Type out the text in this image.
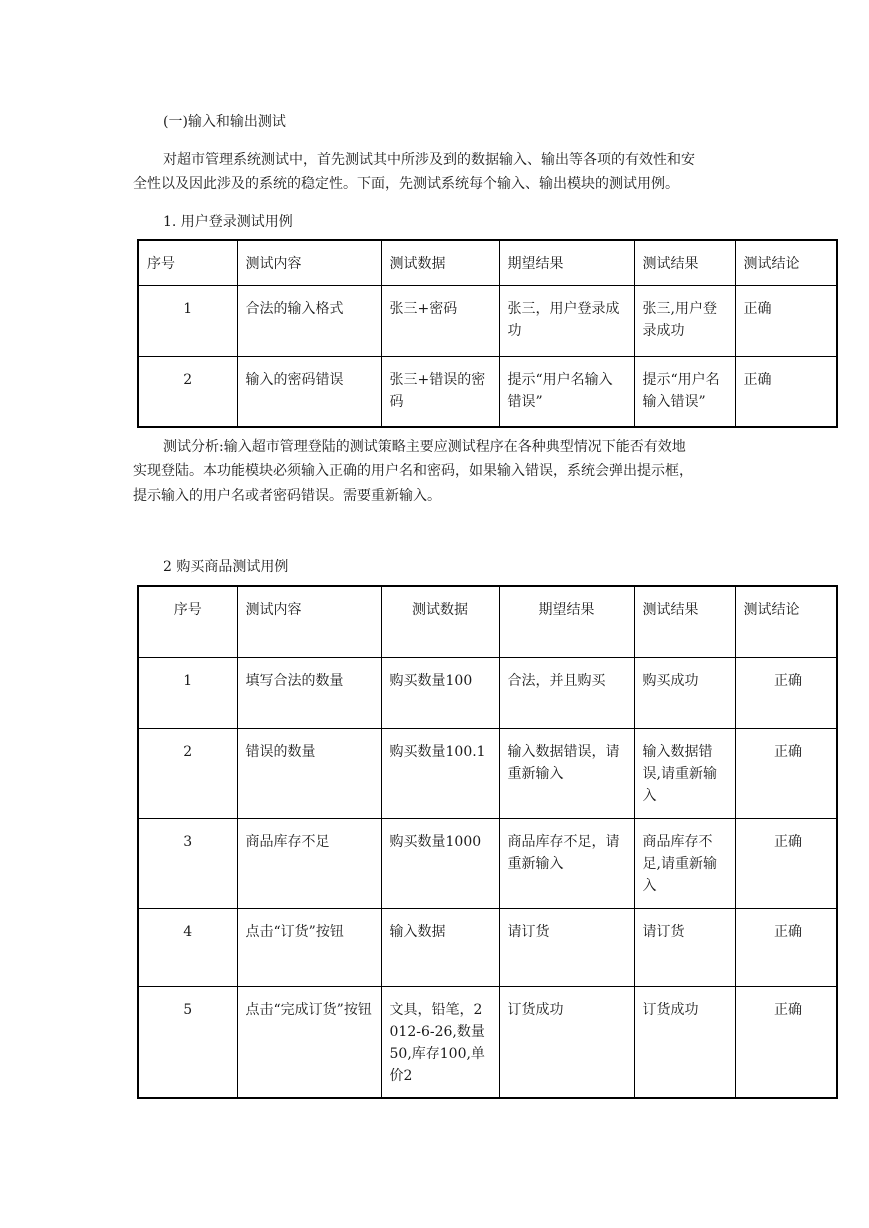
(一)输入和输出测试
对超市管理系统测试中，首先测试其中所涉及到的数据输入、输出等各项的有效性和安
全性以及因此涉及的系统的稳定性。下面，先测试系统每个输入、输出模块的测试用例。
1. 用户登录测试用例
序号	测试内容	测试数据	期望结果	测试结果	测试结论
1	合法的输入格式	张三+密码	张三，用户登录成功	张三,用户登录成功	正确
2	输入的密码错误	张三+错误的密码	提示“用户名输入错误”	提示“用户名输入错误”	正确
测试分析:输入超市管理登陆的测试策略主要应测试程序在各种典型情况下能否有效地
实现登陆。本功能模块必须输入正确的用户名和密码，如果输入错误，系统会弹出提示框，
提示输入的用户名或者密码错误。需要重新输入。
2 购买商品测试用例
序号	测试内容	测试数据	期望结果	测试结果	测试结论
1	填写合法的数量	购买数量100	合法，并且购买	购买成功	正确
2	错误的数量	购买数量100.1	输入数据错误，请重新输入	输入数据错误,请重新输入	正确
3	商品库存不足	购买数量1000	商品库存不足，请重新输入	商品库存不足,请重新输入	正确
4	点击“订货”按钮	输入数据	请订货	请订货	正确
5	点击“完成订货”按钮	文具，铅笔，2012-6-26,数量50,库存100,单价2	订货成功	订货成功	正确
